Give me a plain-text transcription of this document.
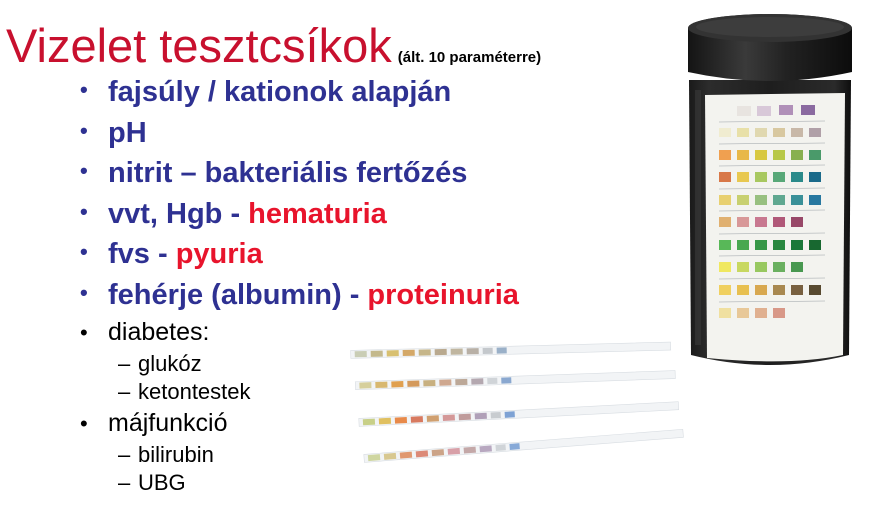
Vizelet tesztcsíkok (ált. 10 paraméterre)
• fajsúly / kationok alapján
• pH
• nitrit – bakteriális fertőzés
• vvt, Hgb - hematuria
• fvs - pyuria
• fehérje (albumin) - proteinuria
• diabetes:
– glukóz
– ketontestek
• májfunkció
– bilirubin
– UBG
